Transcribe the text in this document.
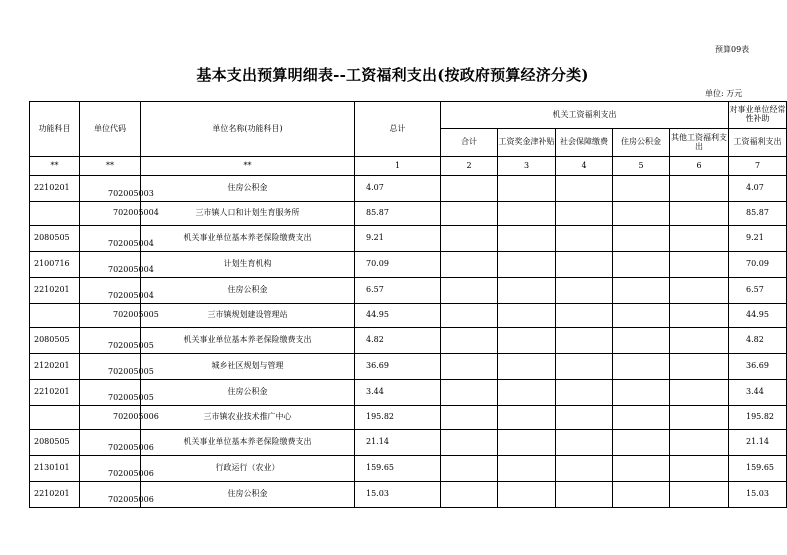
预算09表
基本支出预算明细表--工资福利支出(按政府预算经济分类)
单位: 万元
功能科目	单位代码	单位名称(功能科目)	总计	机关工资福利支出					对事业单位经常性补助
				合计	工资奖金津补贴	社会保障缴费	住房公积金	其他工资福利支出	工资福利支出
**	**	**	1	2	3	4	5	6	7
2210201	702005003	住房公积金	4.07						4.07
	702005004	三市镇人口和计划生育服务所	85.87						85.87
2080505	702005004	机关事业单位基本养老保险缴费支出	9.21						9.21
2100716	702005004	计划生育机构	70.09						70.09
2210201	702005004	住房公积金	6.57						6.57
	702005005	三市镇规划建设管理站	44.95						44.95
2080505	702005005	机关事业单位基本养老保险缴费支出	4.82						4.82
2120201	702005005	城乡社区规划与管理	36.69						36.69
2210201	702005005	住房公积金	3.44						3.44
	702005006	三市镇农业技术推广中心	195.82						195.82
2080505	702005006	机关事业单位基本养老保险缴费支出	21.14						21.14
2130101	702005006	行政运行（农业）	159.65						159.65
2210201	702005006	住房公积金	15.03						15.03
